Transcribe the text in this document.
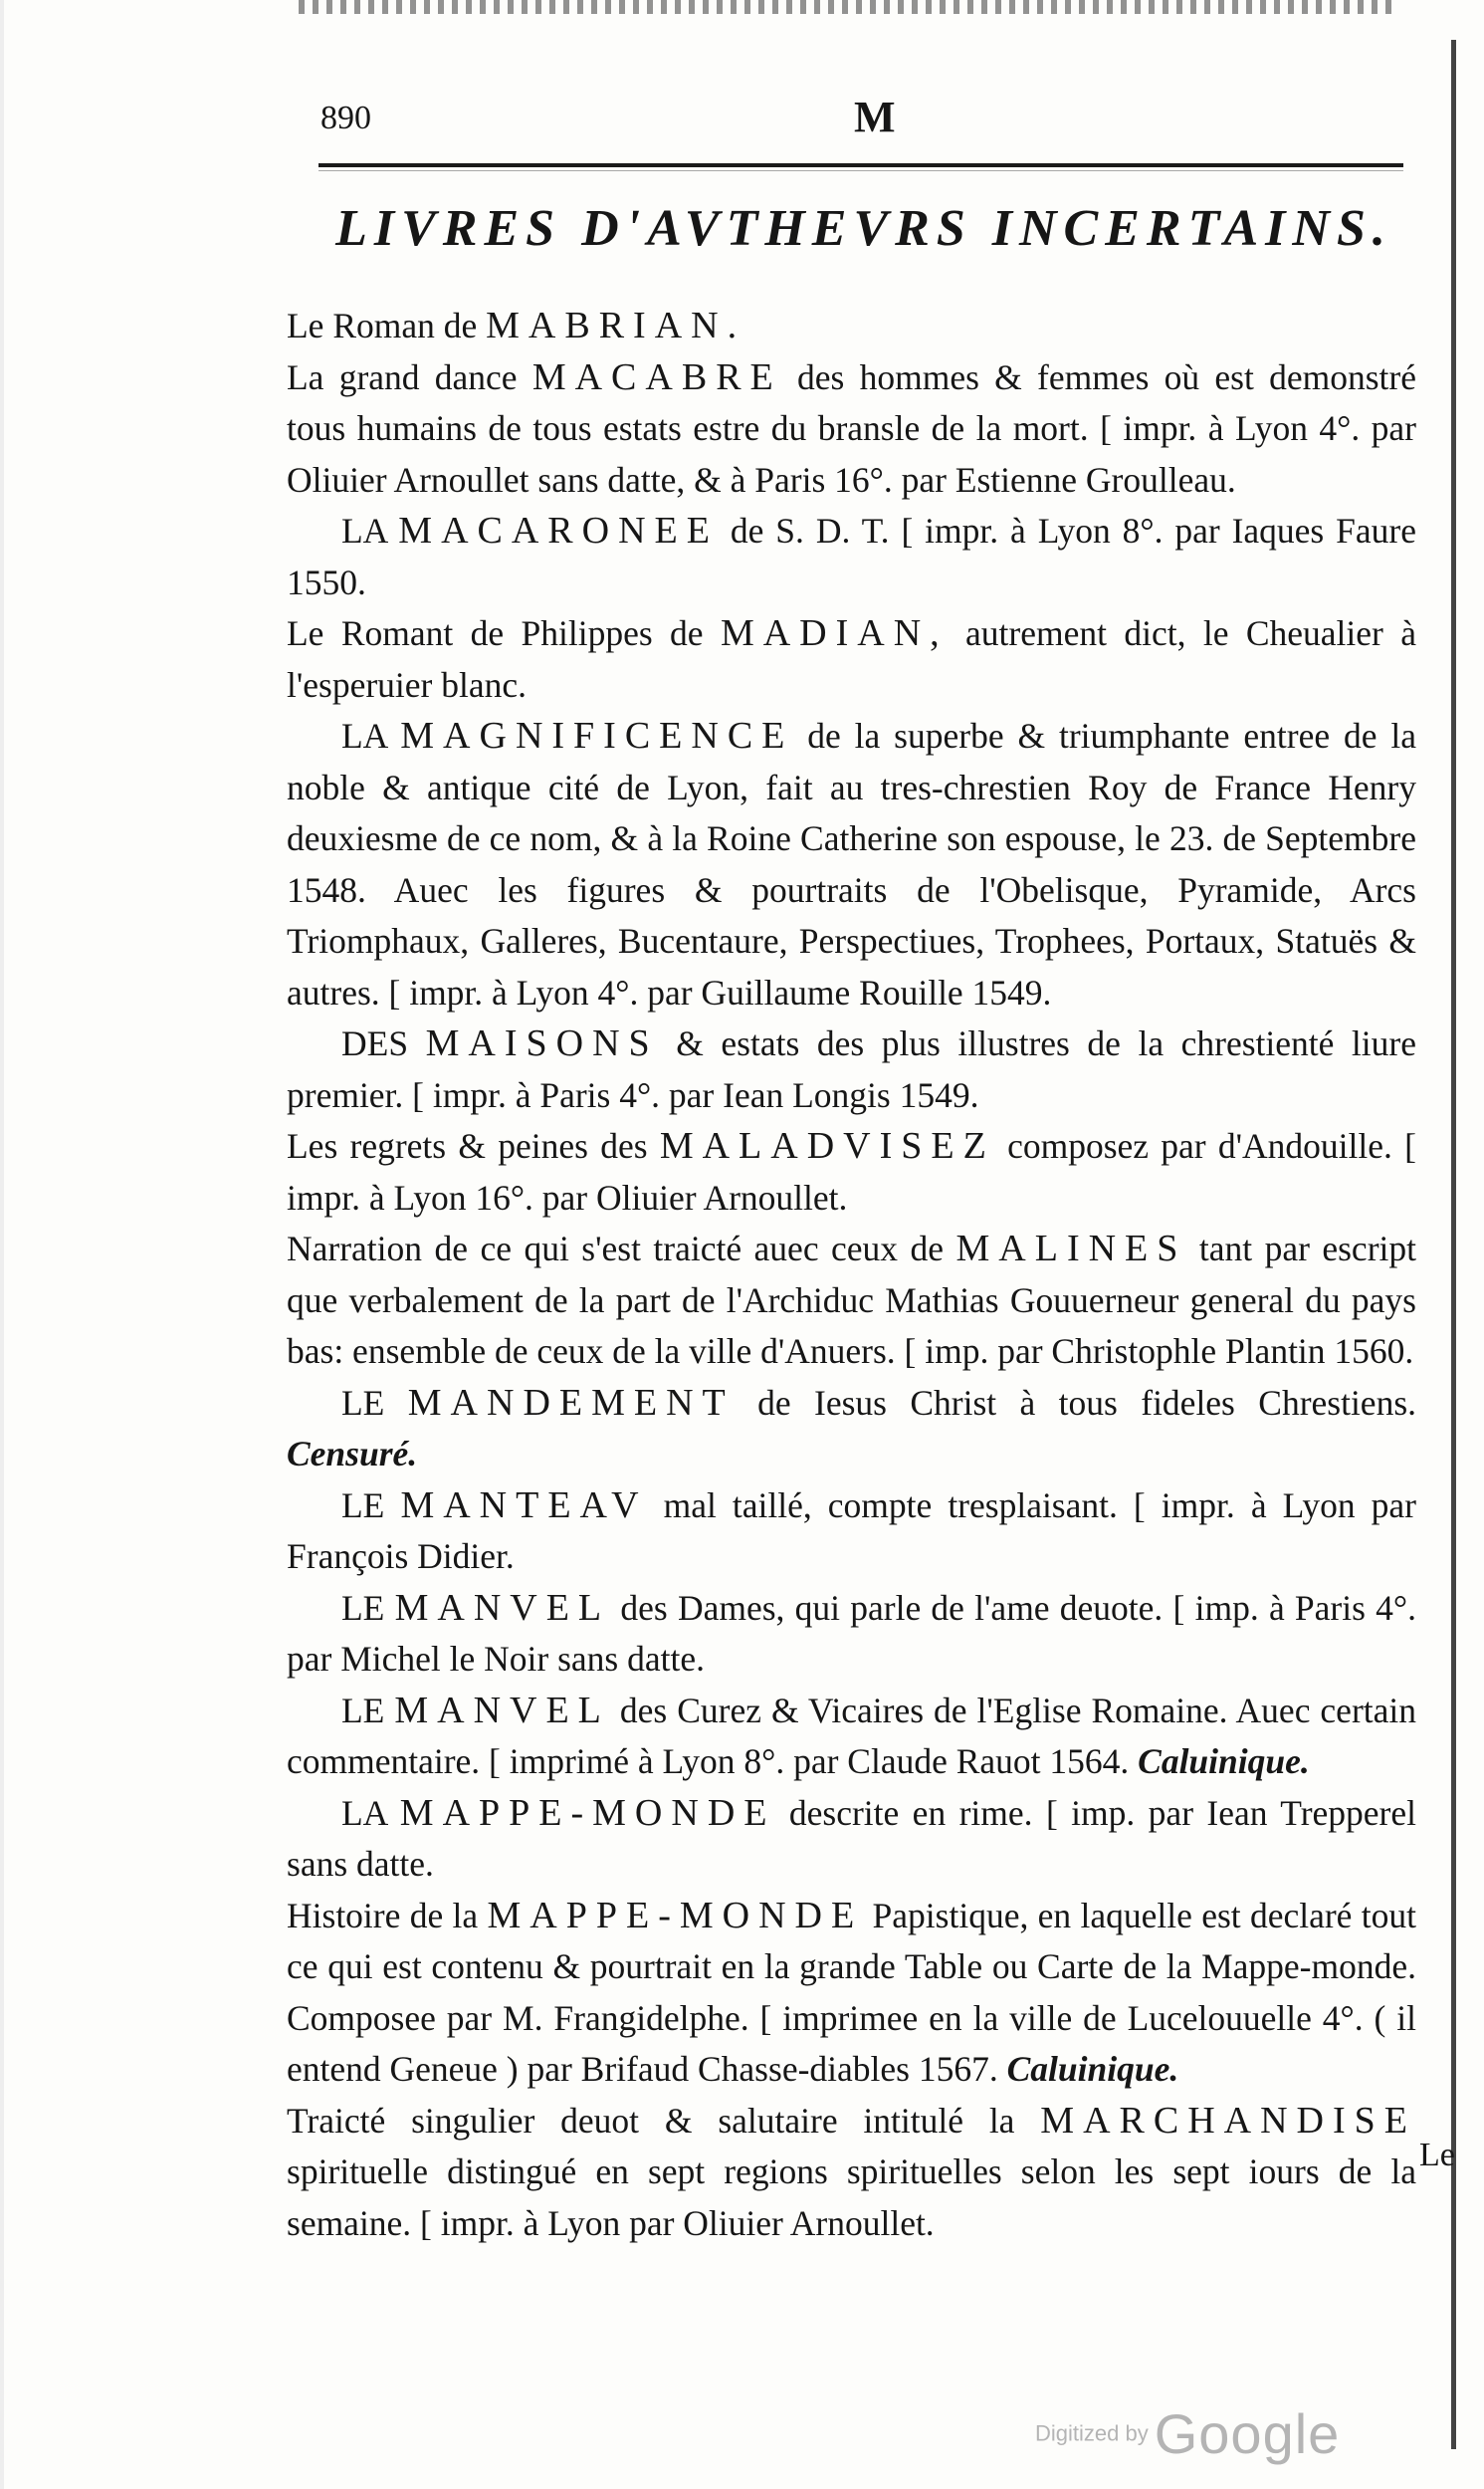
890	M
LIVRES D'AVTHEVRS INCERTAINS.

Le Roman de MABRIAN.

La grand dance MACABRE des hommes & femmes où est demonstré tous humains de tous estats estre du bransle de la mort. [ impr. à Lyon 4°. par Oliuier Arnoullet sans datte, & à Paris 16°. par Estienne Groulleau.

LA MACARONEE de S. D. T. [ impr. à Lyon 8°. par Iaques Faure 1550.

Le Romant de Philippes de MADIAN, autrement dict, le Cheualier à l'esperuier blanc.

LA MAGNIFICENCE de la superbe & triumphante entree de la noble & antique cité de Lyon, fait au tres-chrestien Roy de France Henry deuxiesme de ce nom, & à la Roine Catherine son espouse, le 23. de Septembre 1548. Auec les figures & pourtraits de l'Obelisque, Pyramide, Arcs Triomphaux, Galleres, Bucentaure, Perspectiues, Trophees, Portaux, Statuës & autres. [ impr. à Lyon 4°. par Guillaume Rouille 1549.

DES MAISONS & estats des plus illustres de la chrestienté liure premier. [ impr. à Paris 4°. par Iean Longis 1549.

Les regrets & peines des MALADVISEZ composez par d'Andouille. [ impr. à Lyon 16°. par Oliuier Arnoullet.

Narration de ce qui s'est traicté auec ceux de MALINES tant par escript que verbalement de la part de l'Archiduc Mathias Gouuerneur general du pays bas: ensemble de ceux de la ville d'Anuers. [ imp. par Christophle Plantin 1560.

LE MANDEMENT de Iesus Christ à tous fideles Chrestiens. Censuré.

LE MANTEAV mal taillé, compte tresplaisant. [ impr. à Lyon par François Didier.

LE MANVEL des Dames, qui parle de l'ame deuote. [ imp. à Paris 4°. par Michel le Noir sans datte.

LE MANVEL des Curez & Vicaires de l'Eglise Romaine. Auec certain commentaire. [ imprimé à Lyon 8°. par Claude Rauot 1564. Caluinique.

LA MAPPE-MONDE descrite en rime. [ imp. par Iean Trepperel sans datte.

Histoire de la MAPPE-MONDE Papistique, en laquelle est declaré tout ce qui est contenu & pourtrait en la grande Table ou Carte de la Mappe-monde. Composee par M. Frangidelphe. [ imprimee en la ville de Lucelouuelle 4°. ( il entend Geneue ) par Brifaud Chasse-diables 1567. Caluinique.

Traicté singulier deuot & salutaire intitulé la MARCHANDISE spirituelle distingué en sept regions spirituelles selon les sept iours de la semaine. [ impr. à Lyon par Oliuier Arnoullet.

Le
Digitized by Google
